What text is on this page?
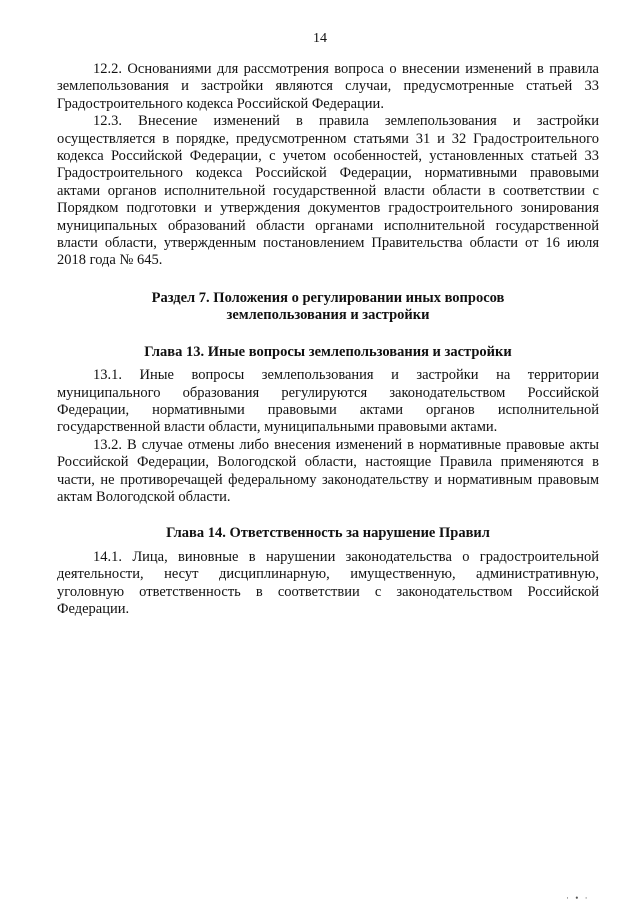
14

12.2. Основаниями для рассмотрения вопроса о внесении изменений в правила землепользования и застройки являются случаи, предусмотренные статьей 33 Градостроительного кодекса Российской Федерации.

12.3. Внесение изменений в правила землепользования и застройки осуществляется в порядке, предусмотренном статьями 31 и 32 Градостроительного кодекса Российской Федерации, с учетом особенностей, установленных статьей 33 Градостроительного кодекса Российской Федерации, нормативными правовыми актами органов исполнительной государственной власти области в соответствии с Порядком подготовки и утверждения документов градостроительного зонирования муниципальных образований области органами исполнительной государственной власти области, утвержденным постановлением Правительства области от 16 июля 2018 года № 645.

Раздел 7. Положения о регулировании иных вопросов
землепользования и застройки
Глава 13. Иные вопросы землепользования и застройки

13.1. Иные вопросы землепользования и застройки на территории муниципального образования регулируются законодательством Российской Федерации, нормативными правовыми актами органов исполнительной государственной власти области, муниципальными правовыми актами.

13.2. В случае отмены либо внесения изменений в нормативные правовые акты Российской Федерации, Вологодской области, настоящие Правила применяются в части, не противоречащей федеральному законодательству и нормативным правовым актам Вологодской области.

Глава 14. Ответственность за нарушение Правил

14.1. Лица, виновные в нарушении законодательства о градостроительной деятельности, несут дисциплинарную, имущественную, административную, уголовную ответственность в соответствии с законодательством Российской Федерации.

· • ·
